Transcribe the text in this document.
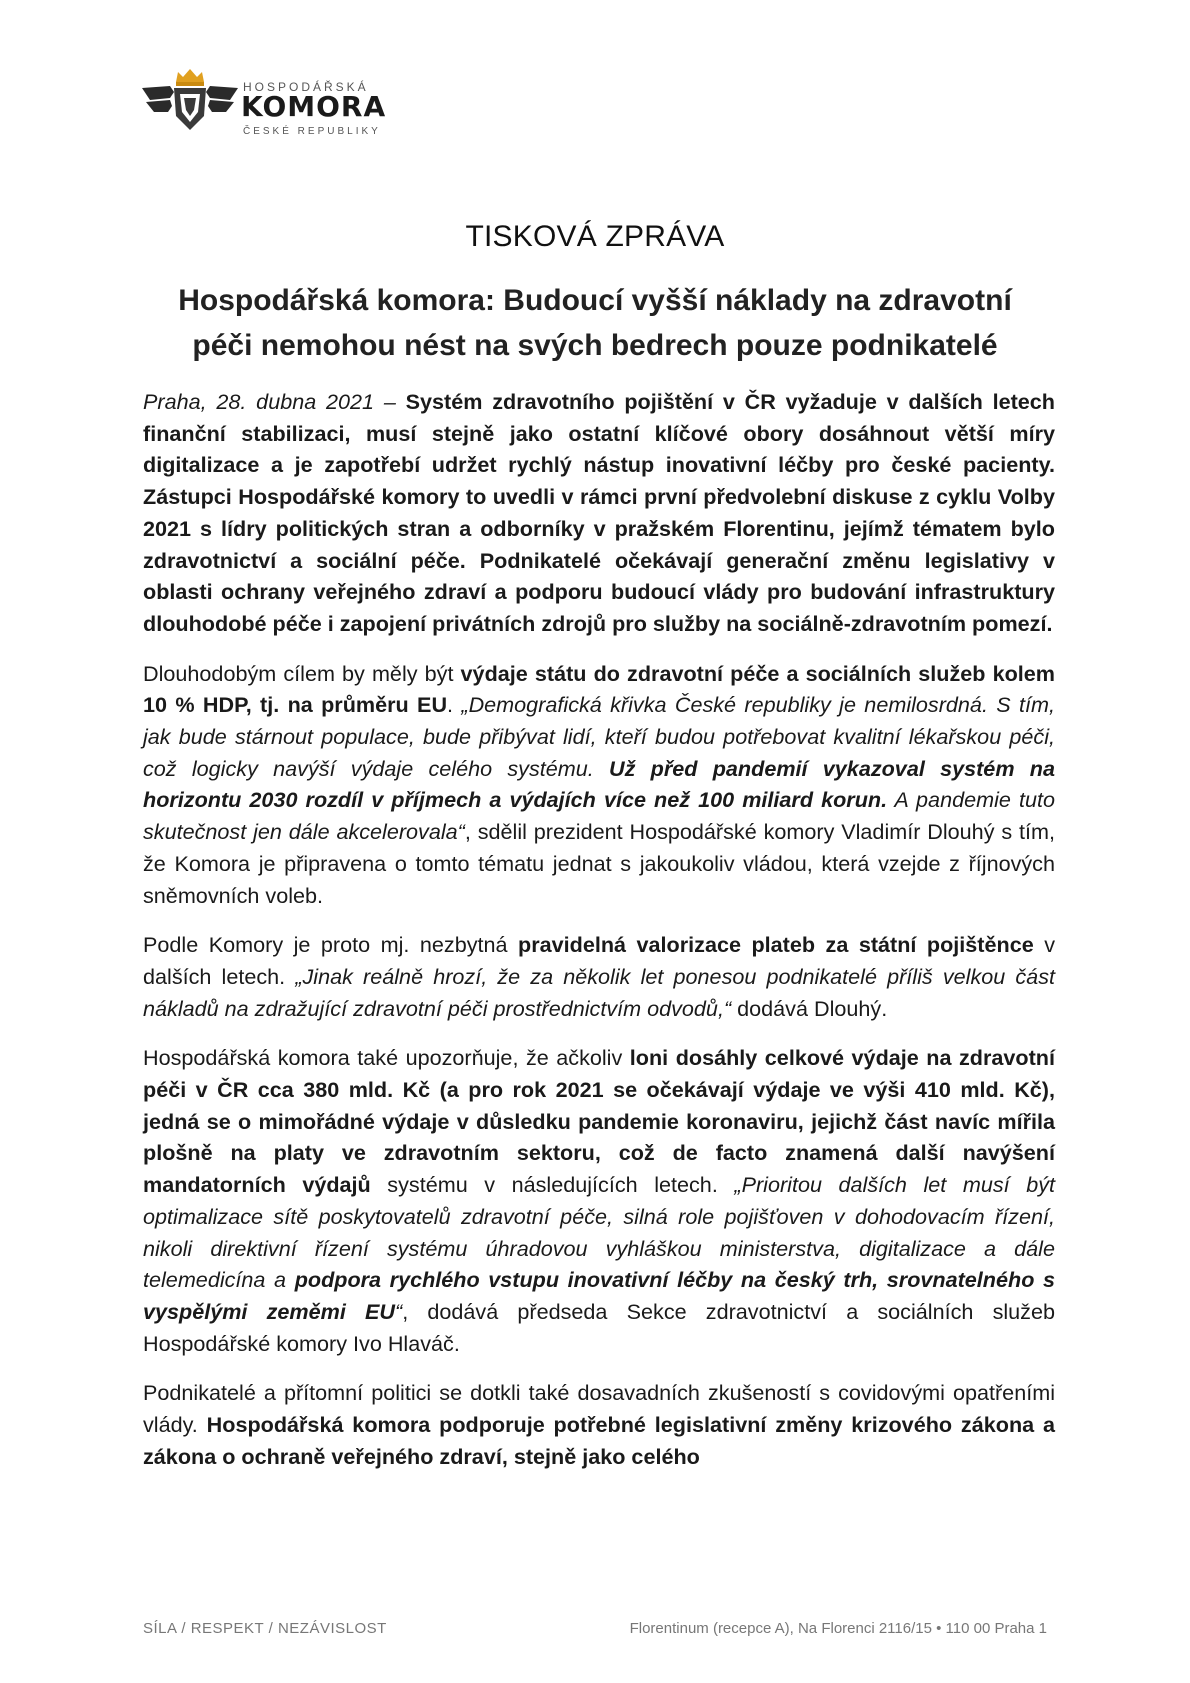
HOSPODÁŘSKÁ
KOMORA
ČESKÉ REPUBLIKY
TISKOVÁ ZPRÁVA
Hospodářská komora: Budoucí vyšší náklady na zdravotní
péči nemohou nést na svých bedrech pouze podnikatelé

Praha, 28. dubna 2021 – Systém zdravotního pojištění v ČR vyžaduje v dalších letech finanční stabilizaci, musí stejně jako ostatní klíčové obory dosáhnout větší míry digitalizace a je zapotřebí udržet rychlý nástup inovativní léčby pro české pacienty. Zástupci Hospodářské komory to uvedli v rámci první předvolební diskuse z cyklu Volby 2021 s lídry politických stran a odborníky v pražském Florentinu, jejímž tématem bylo zdravotnictví a sociální péče. Podnikatelé očekávají generační změnu legislativy v oblasti ochrany veřejného zdraví a podporu budoucí vlády pro budování infrastruktury dlouhodobé péče i zapojení privátních zdrojů pro služby na sociálně-zdravotním pomezí.

Dlouhodobým cílem by měly být výdaje státu do zdravotní péče a sociálních služeb kolem 10 % HDP, tj. na průměru EU. „Demografická křivka České republiky je nemilosrdná. S tím, jak bude stárnout populace, bude přibývat lidí, kteří budou potřebovat kvalitní lékařskou péči, což logicky navýší výdaje celého systému. Už před pandemií vykazoval systém na horizontu 2030 rozdíl v příjmech a výdajích více než 100 miliard korun. A pandemie tuto skutečnost jen dále akcelerovala“, sdělil prezident Hospodářské komory Vladimír Dlouhý s tím, že Komora je připravena o tomto tématu jednat s jakoukoliv vládou, která vzejde z říjnových sněmovních voleb.

Podle Komory je proto mj. nezbytná pravidelná valorizace plateb za státní pojištěnce v dalších letech. „Jinak reálně hrozí, že za několik let ponesou podnikatelé příliš velkou část nákladů na zdražující zdravotní péči prostřednictvím odvodů,“ dodává Dlouhý.

Hospodářská komora také upozorňuje, že ačkoliv loni dosáhly celkové výdaje na zdravotní péči v ČR cca 380 mld. Kč (a pro rok 2021 se očekávají výdaje ve výši 410 mld. Kč), jedná se o mimořádné výdaje v důsledku pandemie koronaviru, jejichž část navíc mířila plošně na platy ve zdravotním sektoru, což de facto znamená další navýšení mandatorních výdajů systému v následujících letech. „Prioritou dalších let musí být optimalizace sítě poskytovatelů zdravotní péče, silná role pojišťoven v dohodovacím řízení, nikoli direktivní řízení systému úhradovou vyhláškou ministerstva, digitalizace a dále telemedicína a podpora rychlého vstupu inovativní léčby na český trh, srovnatelného s vyspělými zeměmi EU“, dodává předseda Sekce zdravotnictví a sociálních služeb Hospodářské komory Ivo Hlaváč.

Podnikatelé a přítomní politici se dotkli také dosavadních zkušeností s covidovými opatřeními vlády. Hospodářská komora podporuje potřebné legislativní změny krizového zákona a zákona o ochraně veřejného zdraví, stejně jako celého

SÍLA / RESPEKT / NEZÁVISLOST	Florentinum (recepce A), Na Florenci 2116/15 • 110 00 Praha 1
